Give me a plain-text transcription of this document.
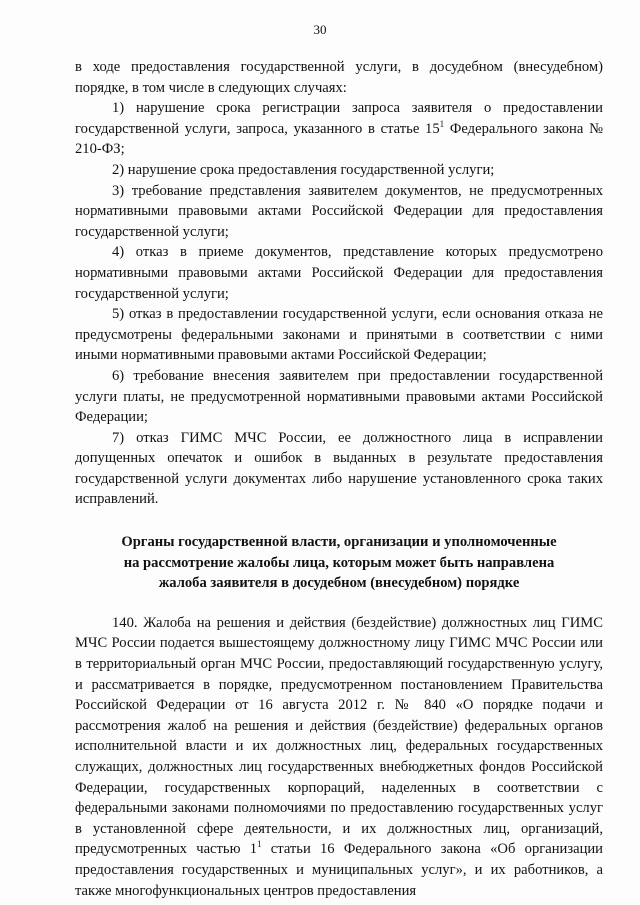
30

в ходе предоставления государственной услуги, в досудебном (внесудебном) порядке, в том числе в следующих случаях:

1) нарушение срока регистрации запроса заявителя о предоставлении государственной услуги, запроса, указанного в статье $15^1$ Федерального закона № 210-ФЗ;

2) нарушение срока предоставления государственной услуги;

3) требование представления заявителем документов, не предусмотренных нормативными правовыми актами Российской Федерации для предоставления государственной услуги;

4) отказ в приеме документов, представление которых предусмотрено нормативными правовыми актами Российской Федерации для предоставления государственной услуги;

5) отказ в предоставлении государственной услуги, если основания отказа не предусмотрены федеральными законами и принятыми в соответствии с ними иными нормативными правовыми актами Российской Федерации;

6) требование внесения заявителем при предоставлении государственной услуги платы, не предусмотренной нормативными правовыми актами Российской Федерации;

7) отказ ГИМС МЧС России, ее должностного лица в исправлении допущенных опечаток и ошибок в выданных в результате предоставления государственной услуги документах либо нарушение установленного срока таких исправлений.

Органы государственной власти, организации и уполномоченные
на рассмотрение жалобы лица, которым может быть направлена
жалоба заявителя в досудебном (внесудебном) порядке

140. Жалоба на решения и действия (бездействие) должностных лиц ГИМС МЧС России подается вышестоящему должностному лицу ГИМС МЧС России или в территориальный орган МЧС России, предоставляющий государственную услугу, и рассматривается в порядке, предусмотренном постановлением Правительства Российской Федерации от 16 августа 2012 г. № 840 «О порядке подачи и рассмотрения жалоб на решения и действия (бездействие) федеральных органов исполнительной власти и их должностных лиц, федеральных государственных служащих, должностных лиц государственных внебюджетных фондов Российской Федерации, государственных корпораций, наделенных в соответствии с федеральными законами полномочиями по предоставлению государственных услуг в установленной сфере деятельности, и их должностных лиц, организаций, предусмотренных частью $1^1$ статьи 16 Федерального закона «Об организации предоставления государственных и муниципальных услуг», и их работников, а также многофункциональных центров предоставления
